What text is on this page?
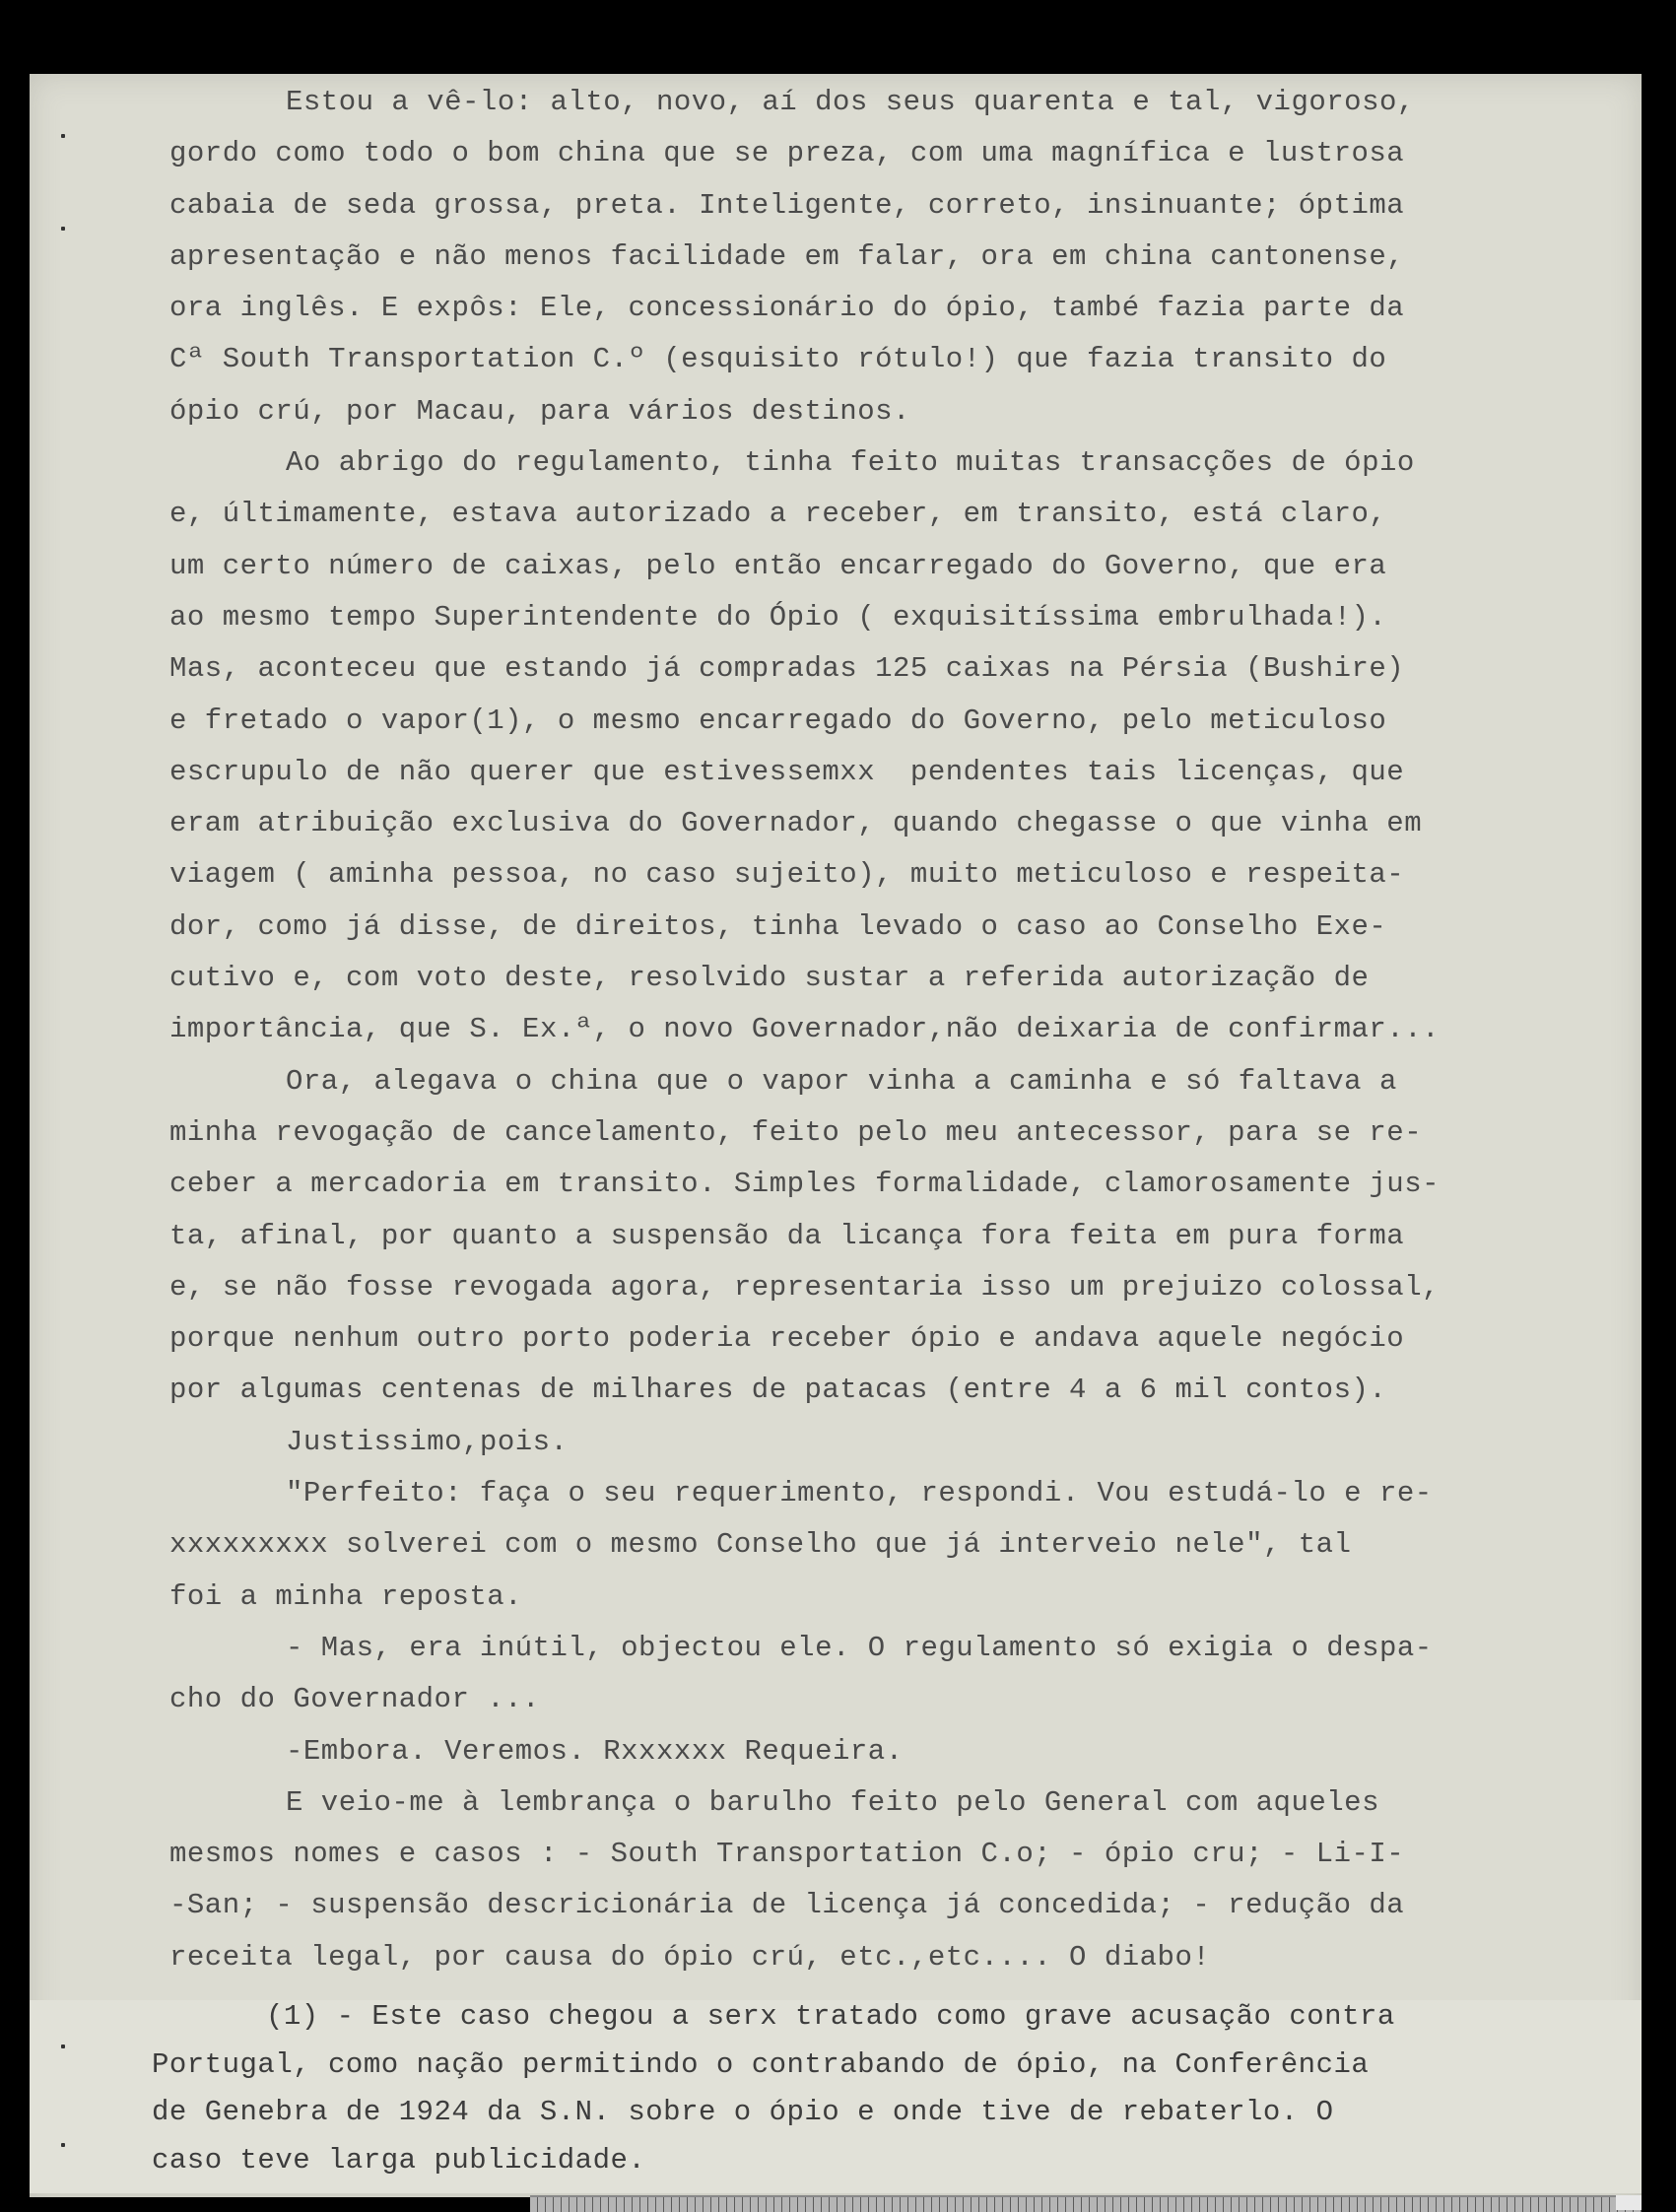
Estou a vê-lo: alto, novo, aí dos seus quarenta e tal, vigoroso,
gordo como todo o bom china que se preza, com uma magnífica e lustrosa
cabaia de seda grossa, preta. Inteligente, correto, insinuante; óptima
apresentação e não menos facilidade em falar, ora em china cantonense,
ora inglês. E expôs: Ele, concessionário do ópio, també fazia parte da
Cª South Transportation C.º (esquisito rótulo!) que fazia transito do
ópio crú, por Macau, para vários destinos.
Ao abrigo do regulamento, tinha feito muitas transacções de ópio
e, últimamente, estava autorizado a receber, em transito, está claro,
um certo número de caixas, pelo então encarregado do Governo, que era
ao mesmo tempo Superintendente do Ópio ( exquisitíssima embrulhada!).
Mas, aconteceu que estando já compradas 125 caixas na Pérsia (Bushire)
e fretado o vapor(1), o mesmo encarregado do Governo, pelo meticuloso
escrupulo de não querer que estivessemxx  pendentes tais licenças, que
eram atribuição exclusiva do Governador, quando chegasse o que vinha em
viagem ( aminha pessoa, no caso sujeito), muito meticuloso e respeita-
dor, como já disse, de direitos, tinha levado o caso ao Conselho Exe-
cutivo e, com voto deste, resolvido sustar a referida autorização de
importância, que S. Ex.ª, o novo Governador,não deixaria de confirmar...
Ora, alegava o china que o vapor vinha a caminha e só faltava a
minha revogação de cancelamento, feito pelo meu antecessor, para se re-
ceber a mercadoria em transito. Simples formalidade, clamorosamente jus-
ta, afinal, por quanto a suspensão da licança fora feita em pura forma
e, se não fosse revogada agora, representaria isso um prejuizo colossal,
porque nenhum outro porto poderia receber ópio e andava aquele negócio
por algumas centenas de milhares de patacas (entre 4 a 6 mil contos).
Justissimo,pois.
"Perfeito: faça o seu requerimento, respondi. Vou estudá-lo e re-
xxxxxxxxx solverei com o mesmo Conselho que já interveio nele", tal
foi a minha reposta.
- Mas, era inútil, objectou ele. O regulamento só exigia o despa-
cho do Governador ...
-Embora. Veremos. Rxxxxxx Requeira.
E veio-me à lembrança o barulho feito pelo General com aqueles
mesmos nomes e casos : - South Transportation C.o; - ópio cru; - Li-I-
-San; - suspensão descricionária de licença já concedida; - redução da
receita legal, por causa do ópio crú, etc.,etc.... O diabo!
(1) - Este caso chegou a serx tratado como grave acusação contra
Portugal, como nação permitindo o contrabando de ópio, na Conferência
de Genebra de 1924 da S.N. sobre o ópio e onde tive de rebaterlo. O
caso teve larga publicidade.
